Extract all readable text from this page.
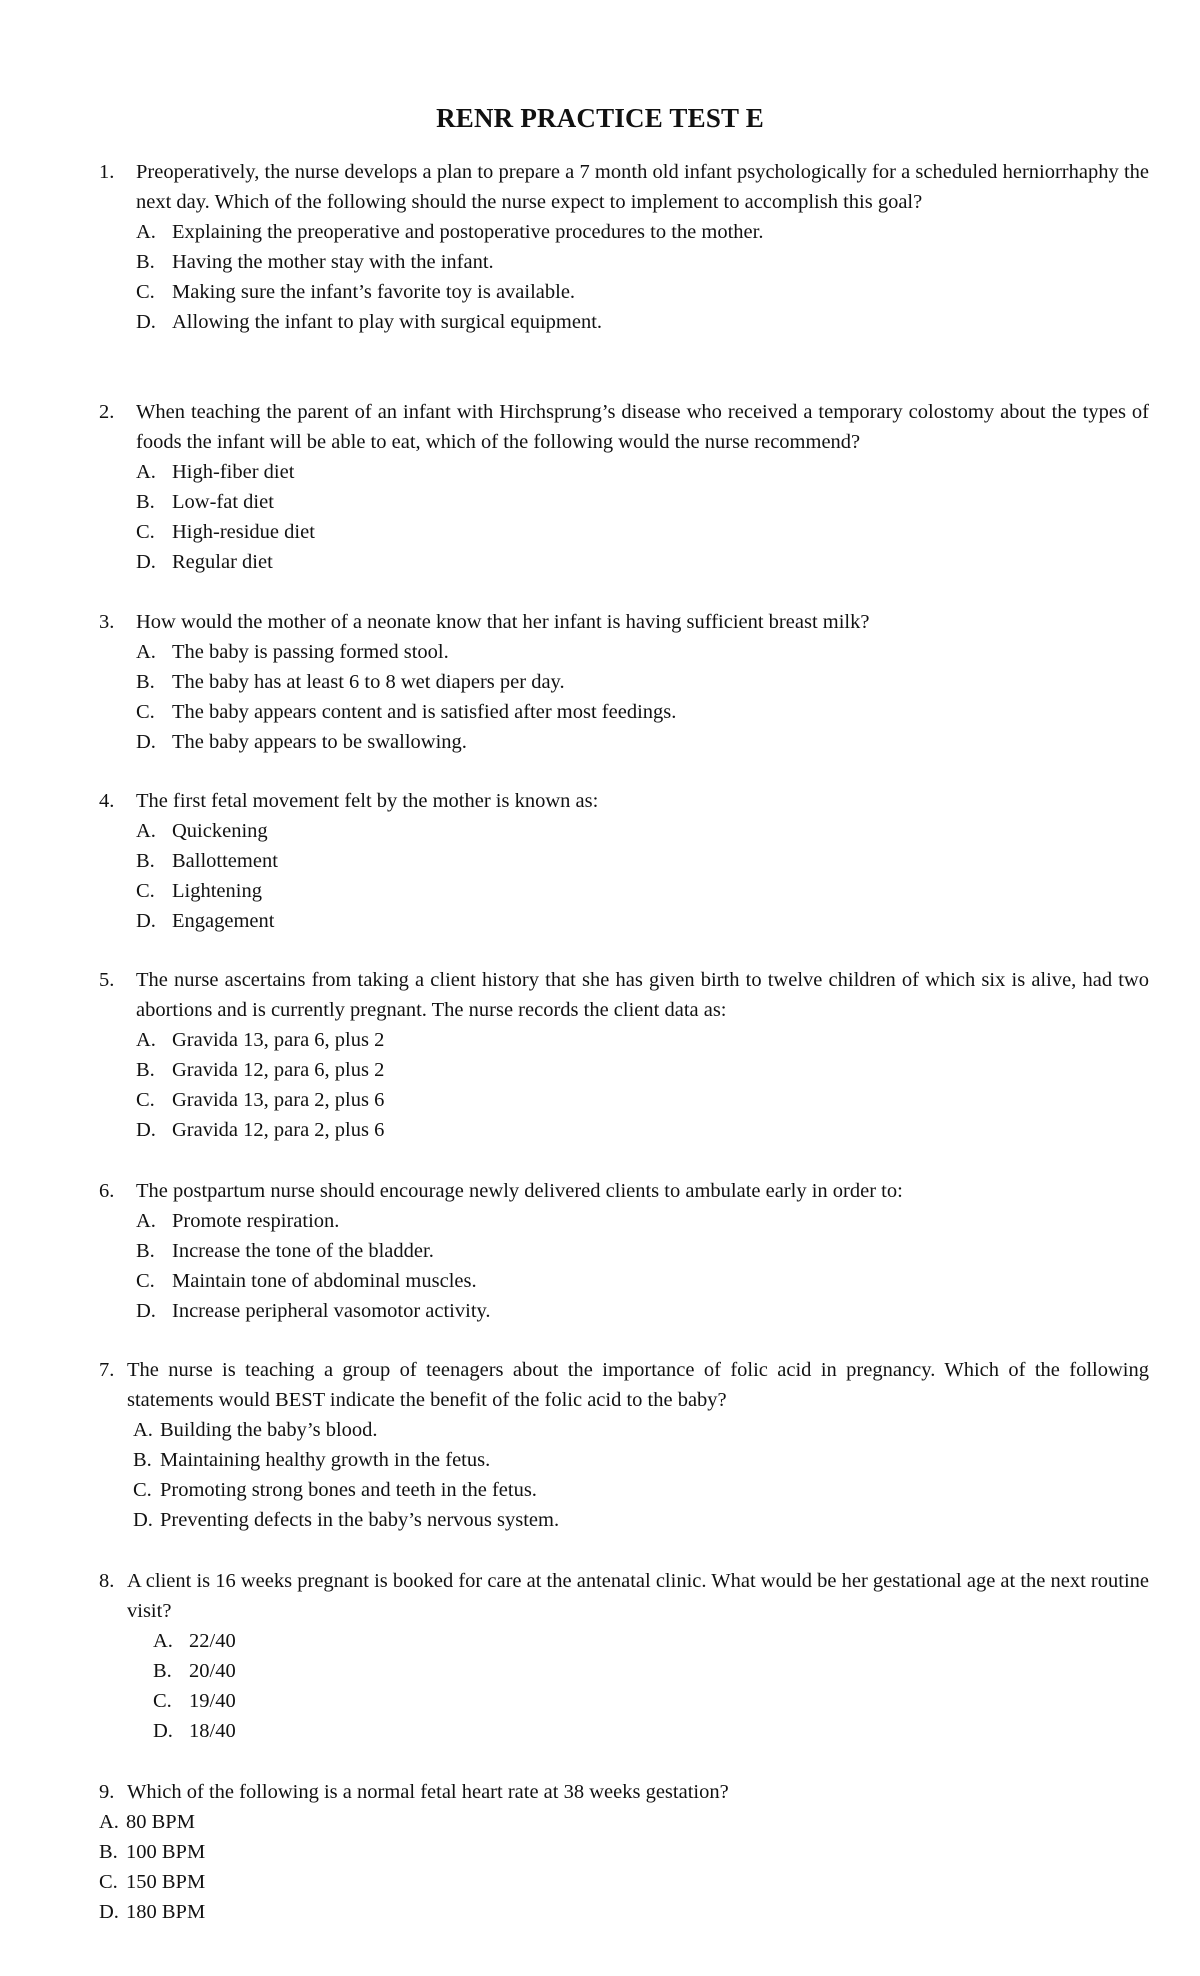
RENR PRACTICE TEST E
1.	Preoperatively, the nurse develops a plan to prepare a 7 month old infant psychologically for a scheduled herniorrhaphy the next day. Which of the following should the nurse expect to implement to accomplish this goal?
A. Explaining the preoperative and postoperative procedures to the mother.
B. Having the mother stay with the infant.
C. Making sure the infant’s favorite toy is available.
D. Allowing the infant to play with surgical equipment.
2.	When teaching the parent of an infant with Hirchsprung’s disease who received a temporary colostomy about the types of foods the infant will be able to eat, which of the following would the nurse recommend?
A. High-fiber diet
B. Low-fat diet
C. High-residue diet
D. Regular diet
3.	How would the mother of a neonate know that her infant is having sufficient breast milk?
A. The baby is passing formed stool.
B. The baby has at least 6 to 8 wet diapers per day.
C. The baby appears content and is satisfied after most feedings.
D. The baby appears to be swallowing.
4.	The first fetal movement felt by the mother is known as:
A. Quickening
B. Ballottement
C. Lightening
D. Engagement
5.	The nurse ascertains from taking a client history that she has given birth to twelve children of which six is alive, had two abortions and is currently pregnant. The nurse records the client data as:
A. Gravida 13, para 6, plus 2
B. Gravida 12, para 6, plus 2
C. Gravida 13, para 2, plus 6
D. Gravida 12, para 2, plus 6
6.	The postpartum nurse should encourage newly delivered clients to ambulate early in order to:
A. Promote respiration.
B. Increase the tone of the bladder.
C. Maintain tone of abdominal muscles.
D. Increase peripheral vasomotor activity.
7. The nurse is teaching a group of teenagers about the importance of folic acid in pregnancy. Which of the following statements would BEST indicate the benefit of the folic acid to the baby?
A. Building the baby’s blood.
B. Maintaining healthy growth in the fetus.
C. Promoting strong bones and teeth in the fetus.
D. Preventing defects in the baby’s nervous system.
8. A client is 16 weeks pregnant is booked for care at the antenatal clinic. What would be her gestational age at the next routine visit?
A. 22/40
B. 20/40
C. 19/40
D. 18/40
9. Which of the following is a normal fetal heart rate at 38 weeks gestation?
A. 80 BPM
B. 100 BPM
C. 150 BPM
D. 180 BPM
